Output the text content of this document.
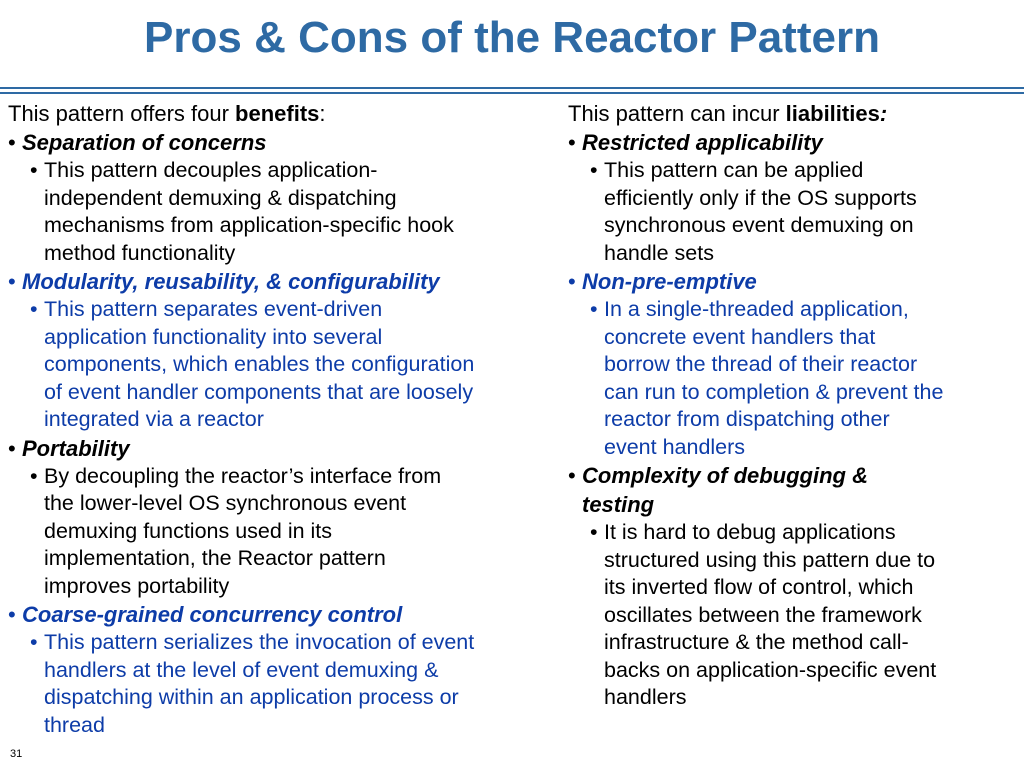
Pros & Cons of the Reactor Pattern
This pattern offers four benefits:
• Separation of concerns
• This pattern decouples application-
independent demuxing & dispatching
mechanisms from application-specific hook
method functionality
• Modularity, reusability, & configurability
• This pattern separates event-driven
application functionality into several
components, which enables the configuration
of event handler components that are loosely
integrated via a reactor
• Portability
• By decoupling the reactor’s interface from
the lower-level OS synchronous event
demuxing functions used in its
implementation, the Reactor pattern
improves portability
• Coarse-grained concurrency control
• This pattern serializes the invocation of event
handlers at the level of event demuxing &
dispatching within an application process or
thread
This pattern can incur liabilities:
• Restricted applicability
• This pattern can be applied
efficiently only if the OS supports
synchronous event demuxing on
handle sets
• Non-pre-emptive
• In a single-threaded application,
concrete event handlers that
borrow the thread of their reactor
can run to completion & prevent the
reactor from dispatching other
event handlers
• Complexity of debugging &
testing
• It is hard to debug applications
structured using this pattern due to
its inverted flow of control, which
oscillates between the framework
infrastructure & the method call-
backs on application-specific event
handlers
31
